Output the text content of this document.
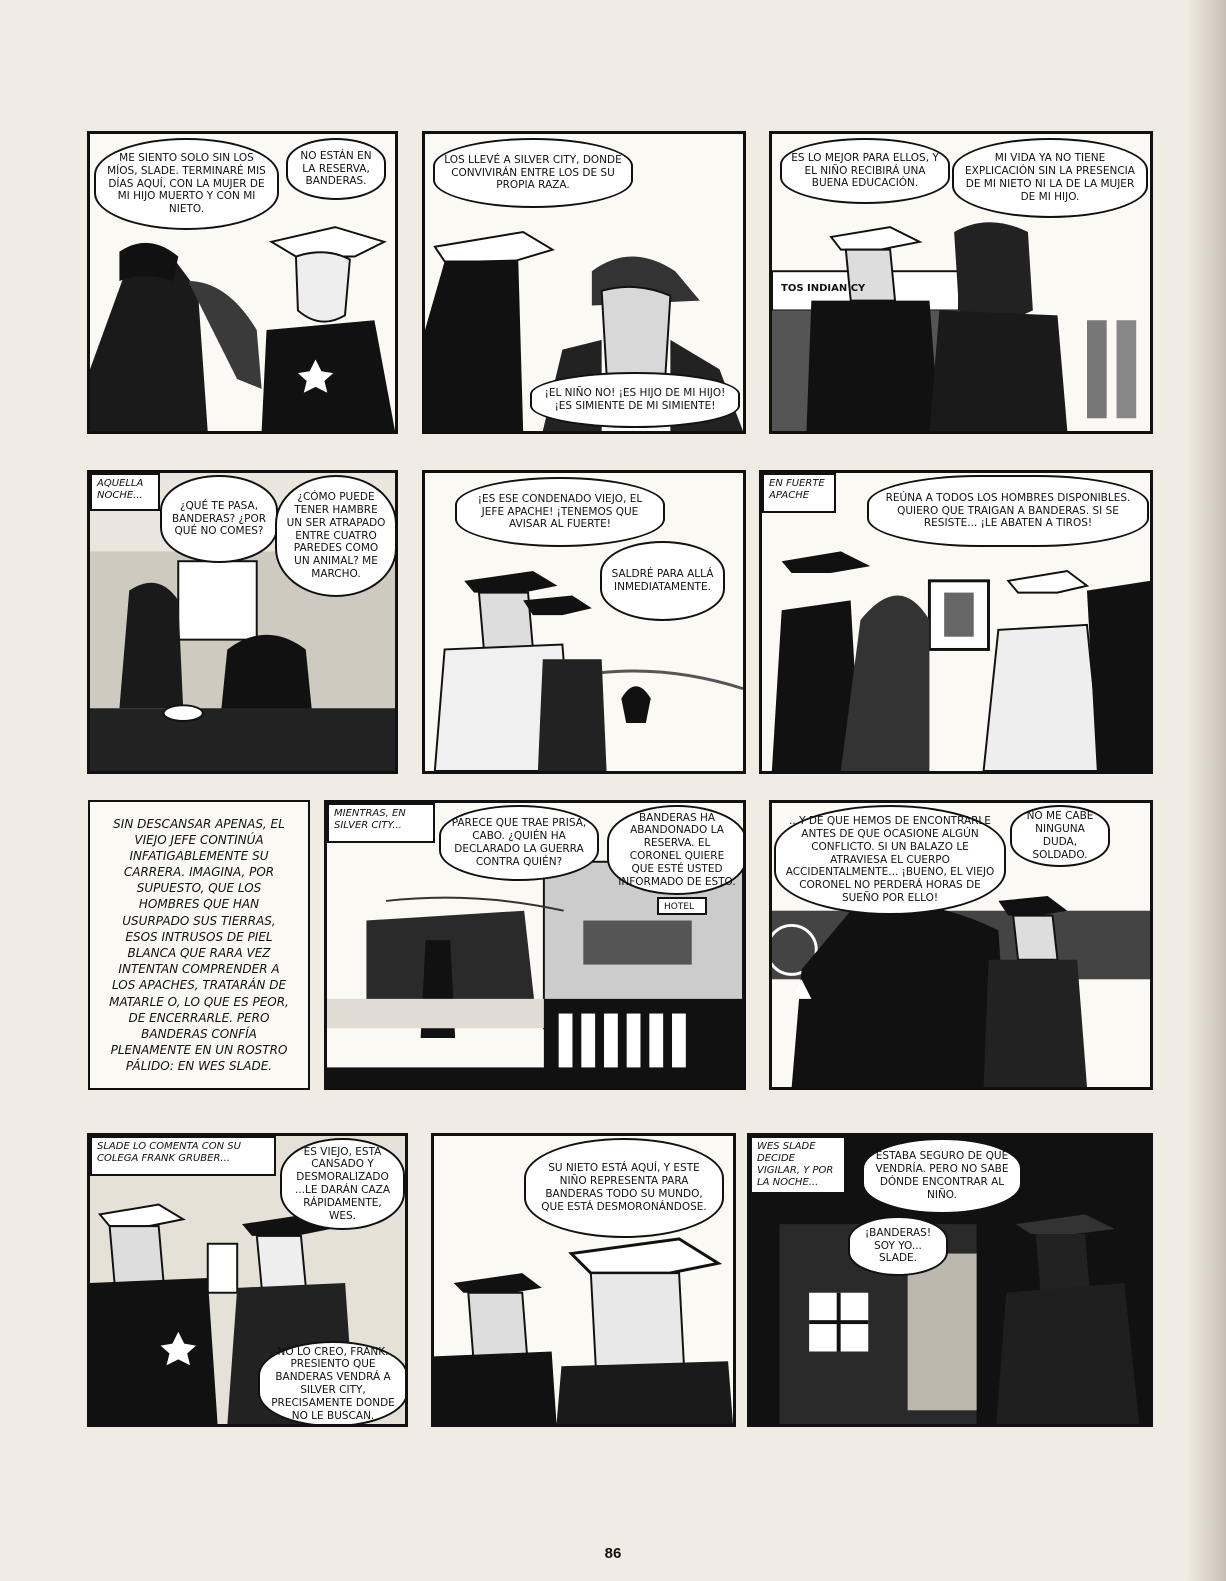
ME SIENTO SOLO SIN LOS MÍOS, SLADE. TERMINARÉ MIS DÍAS AQUÍ, CON LA MUJER DE MI HIJO MUERTO Y CON MI NIETO.
NO ESTÁN EN LA RESERVA, BANDERAS.
LOS LLEVÉ A SILVER CITY, DONDE CONVIVIRÁN ENTRE LOS DE SU PROPIA RAZA.
¡EL NIÑO NO! ¡ES HIJO DE MI HIJO! ¡ES SIMIENTE DE MI SIMIENTE!
ES LO MEJOR PARA ELLOS, Y EL NIÑO RECIBIRÁ UNA BUENA EDUCACIÓN.
MI VIDA YA NO TIENE EXPLICACIÓN SIN LA PRESENCIA DE MI NIETO NI LA DE LA MUJER DE MI HIJO.
TOS INDIAN CY
AQUELLA NOCHE...
¿QUÉ TE PASA, BANDERAS? ¿POR QUÉ NO COMES?
¿CÓMO PUEDE TENER HAMBRE UN SER ATRAPADO ENTRE CUATRO PAREDES COMO UN ANIMAL? ME MARCHO.
¡ES ESE CONDENADO VIEJO, EL JEFE APACHE! ¡TENEMOS QUE AVISAR AL FUERTE!
SALDRÉ PARA ALLÁ INMEDIATAMENTE.
EN FUERTE APACHE	REÚNA A TODOS LOS HOMBRES DISPONIBLES. QUIERO QUE TRAIGAN A BANDERAS. SI SE RESISTE... ¡LE ABATEN A TIROS!
SIN DESCANSAR APENAS, EL VIEJO JEFE CONTINÚA INFATIGABLEMENTE SU CARRERA. IMAGINA, POR SUPUESTO, QUE LOS HOMBRES QUE HAN USURPADO SUS TIERRAS, ESOS INTRUSOS DE PIEL BLANCA QUE RARA VEZ INTENTAN COMPRENDER A LOS APACHES, TRATARÁN DE MATARLE O, LO QUE ES PEOR, DE ENCERRARLE. PERO BANDERAS CONFÍA PLENAMENTE EN UN ROSTRO PÁLIDO: EN WES SLADE.
MIENTRAS, EN SILVER CITY...	PARECE QUE TRAE PRISA, CABO. ¿QUIÉN HA DECLARADO LA GUERRA CONTRA QUIÉN?
BANDERAS HA ABANDONADO LA RESERVA. EL CORONEL QUIERE QUE ESTÉ USTED INFORMADO DE ESTO.
HOTEL
...Y DE QUE HEMOS DE ENCONTRARLE ANTES DE QUE OCASIONE ALGÚN CONFLICTO. SI UN BALAZO LE ATRAVIESA EL CUERPO ACCIDENTALMENTE... ¡BUENO, EL VIEJO CORONEL NO PERDERÁ HORAS DE SUEÑO POR ELLO!
NO ME CABE NINGUNA DUDA, SOLDADO.
SLADE LO COMENTA CON SU COLEGA FRANK GRUBER...
ES VIEJO, ESTÁ CANSADO Y DESMORALIZADO ...LE DARÁN CAZA RÁPIDAMENTE, WES.
NO LO CREO, FRANK. PRESIENTO QUE BANDERAS VENDRÁ A SILVER CITY, PRECISAMENTE DONDE NO LE BUSCAN.
SU NIETO ESTÁ AQUÍ, Y ESTE NIÑO REPRESENTA PARA BANDERAS TODO SU MUNDO, QUE ESTÁ DESMORONÁNDOSE.
WES SLADE DECIDE VIGILAR, Y POR LA NOCHE...
ESTABA SEGURO DE QUE VENDRÍA. PERO NO SABE DÓNDE ENCONTRAR AL NIÑO.
¡BANDERAS! SOY YO... SLADE.
86
